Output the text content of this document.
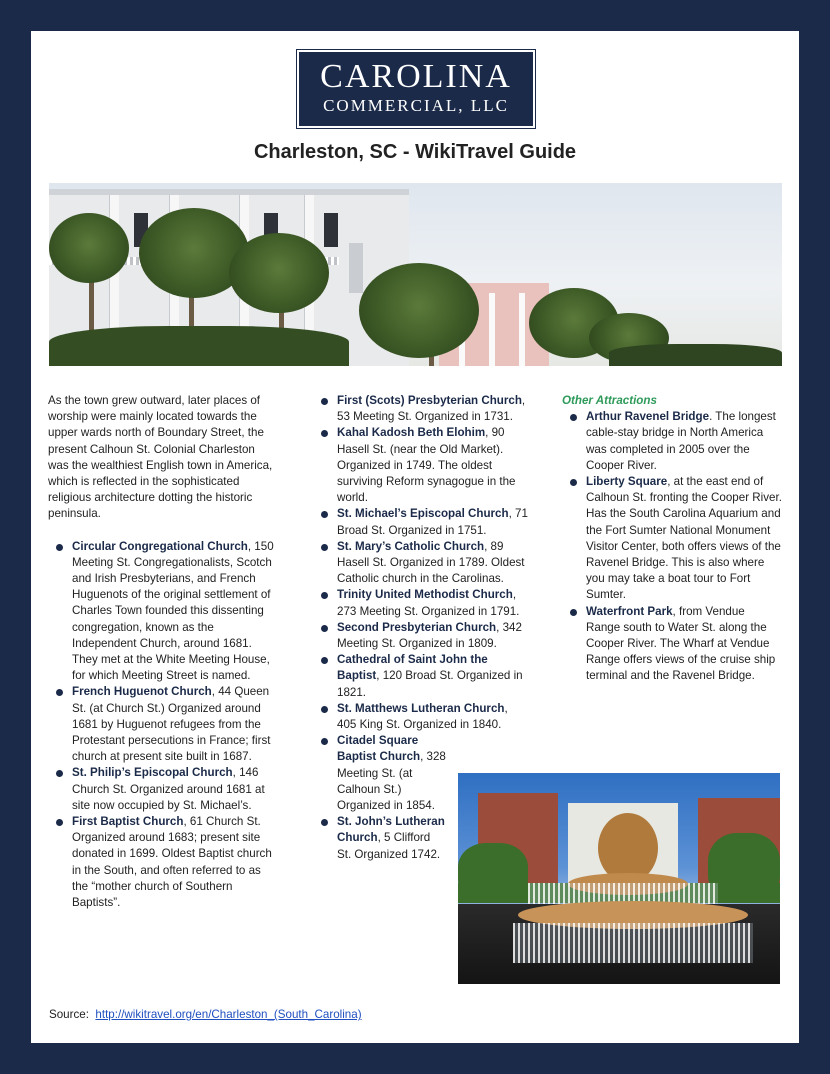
CAROLINA
COMMERCIAL, LLC
Charleston, SC - WikiTravel Guide

As the town grew outward, later places of worship were mainly located towards the upper wards north of Boundary Street, the present Calhoun St. Colonial Charleston was the wealthiest English town in America, which is reflected in the sophisticated religious architecture dotting the historic peninsula.

Circular Congregational Church, 150 Meeting St. Congregationalists, Scotch and Irish Presbyterians, and French Huguenots of the original settlement of Charles Town founded this dissenting congregation, known as the Independent Church, around 1681. They met at the White Meeting House, for which Meeting Street is named.
French Huguenot Church, 44 Queen St. (at Church St.) Organized around 1681 by Huguenot refugees from the Protestant persecutions in France; first church at present site built in 1687.
St. Philip’s Episcopal Church, 146 Church St. Organized around 1681 at site now occupied by St. Michael’s.
First Baptist Church, 61 Church St. Organized around 1683; present site donated in 1699. Oldest Baptist church in the South, and often referred to as the “mother church of Southern Baptists”.
First (Scots) Presbyterian Church, 53 Meeting St. Organized in 1731.
Kahal Kadosh Beth Elohim, 90 Hasell St. (near the Old Market). Organized in 1749. The oldest surviving Reform synagogue in the world.
St. Michael’s Episcopal Church, 71 Broad St. Organized in 1751.
St. Mary’s Catholic Church, 89 Hasell St. Organized in 1789. Oldest Catholic church in the Carolinas.
Trinity United Methodist Church, 273 Meeting St. Organized in 1791.
Second Presbyterian Church, 342 Meeting St. Organized in 1809.
Cathedral of Saint John the Baptist, 120 Broad St. Organized in 1821.
St. Matthews Lutheran Church, 405 King St. Organized in 1840.
Citadel Square Baptist Church, 328 Meeting St. (at Calhoun St.) Organized in 1854.
St. John’s Lutheran Church, 5 Clifford St. Organized 1742.

Other Attractions

Arthur Ravenel Bridge. The longest cable-stay bridge in North America was completed in 2005 over the Cooper River.
Liberty Square, at the east end of Calhoun St. fronting the Cooper River. Has the South Carolina Aquarium and the Fort Sumter National Monument Visitor Center, both offers views of the Ravenel Bridge. This is also where you may take a boat tour to Fort Sumter.
Waterfront Park, from Vendue Range south to Water St. along the Cooper River. The Wharf at Vendue Range offers views of the cruise ship terminal and the Ravenel Bridge.
Source: http://wikitravel.org/en/Charleston_(South_Carolina)
